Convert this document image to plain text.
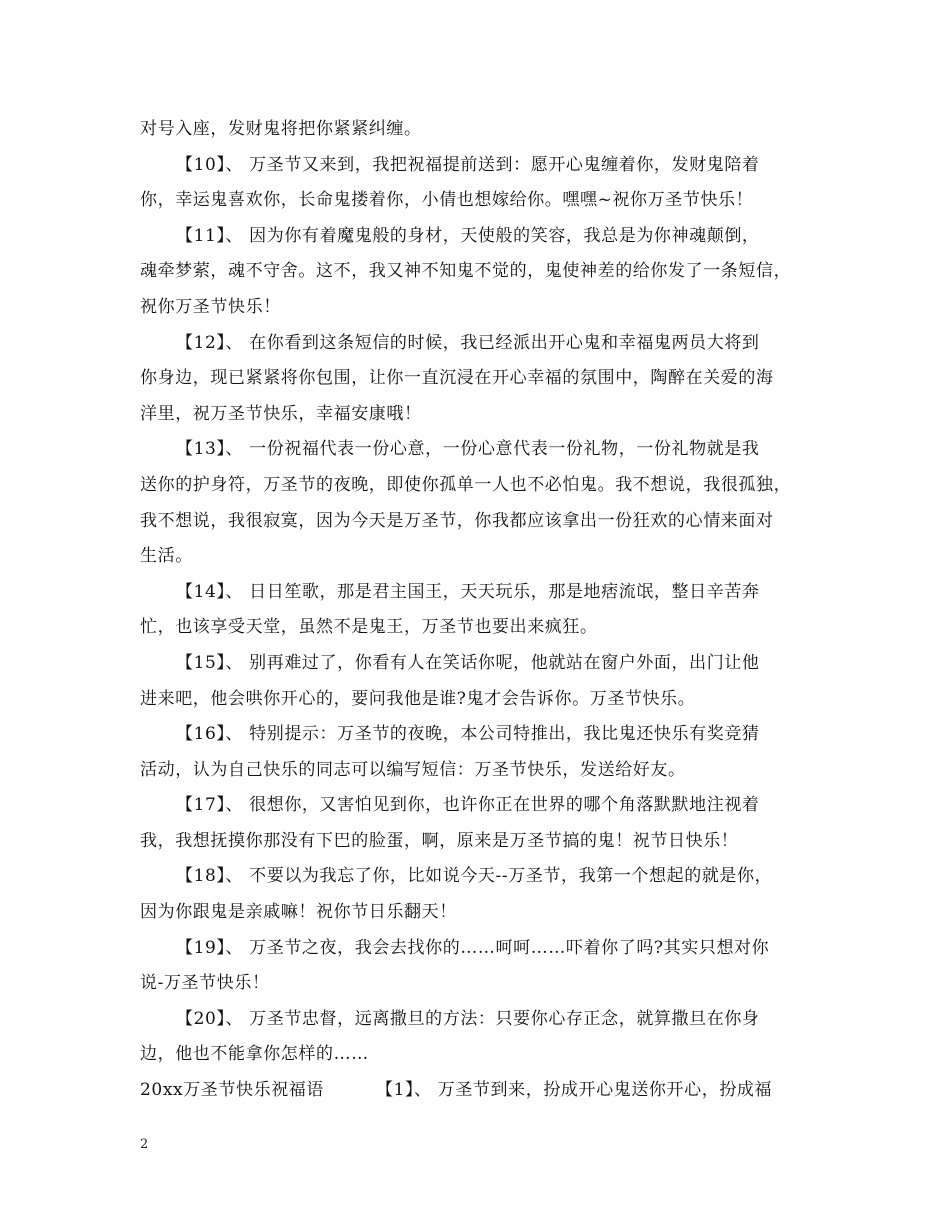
对号入座，发财鬼将把你紧紧纠缠。
【10】、 万圣节又来到，我把祝福提前送到：愿开心鬼缠着你，发财鬼陪着
你，幸运鬼喜欢你，长命鬼搂着你，小倩也想嫁给你。嘿嘿~祝你万圣节快乐！
【11】、 因为你有着魔鬼般的身材，天使般的笑容，我总是为你神魂颠倒，
魂牵梦萦，魂不守舍。这不，我又神不知鬼不觉的，鬼使神差的给你发了一条短信，
祝你万圣节快乐！
【12】、 在你看到这条短信的时候，我已经派出开心鬼和幸福鬼两员大将到
你身边，现已紧紧将你包围，让你一直沉浸在开心幸福的氛围中，陶醉在关爱的海
洋里，祝万圣节快乐，幸福安康哦！
【13】、 一份祝福代表一份心意，一份心意代表一份礼物，一份礼物就是我
送你的护身符，万圣节的夜晚，即使你孤单一人也不必怕鬼。我不想说，我很孤独，
我不想说，我很寂寞，因为今天是万圣节，你我都应该拿出一份狂欢的心情来面对
生活。
【14】、 日日笙歌，那是君主国王，天天玩乐，那是地痞流氓，整日辛苦奔
忙，也该享受天堂，虽然不是鬼王，万圣节也要出来疯狂。
【15】、 别再难过了，你看有人在笑话你呢，他就站在窗户外面，出门让他
进来吧，他会哄你开心的，要问我他是谁?鬼才会告诉你。万圣节快乐。
【16】、 特别提示：万圣节的夜晚，本公司特推出，我比鬼还快乐有奖竞猜
活动，认为自己快乐的同志可以编写短信：万圣节快乐，发送给好友。
【17】、 很想你，又害怕见到你，也许你正在世界的哪个角落默默地注视着
我，我想抚摸你那没有下巴的脸蛋，啊，原来是万圣节搞的鬼！祝节日快乐！
【18】、 不要以为我忘了你，比如说今天--万圣节，我第一个想起的就是你，
因为你跟鬼是亲戚嘛！祝你节日乐翻天！
【19】、 万圣节之夜，我会去找你的……呵呵……吓着你了吗?其实只想对你
说-万圣节快乐！
【20】、 万圣节忠督，远离撒旦的方法：只要你心存正念，就算撒旦在你身
边，他也不能拿你怎样的……
20xx万圣节快乐祝福语	【1】、 万圣节到来，扮成开心鬼送你开心，扮成福
2
